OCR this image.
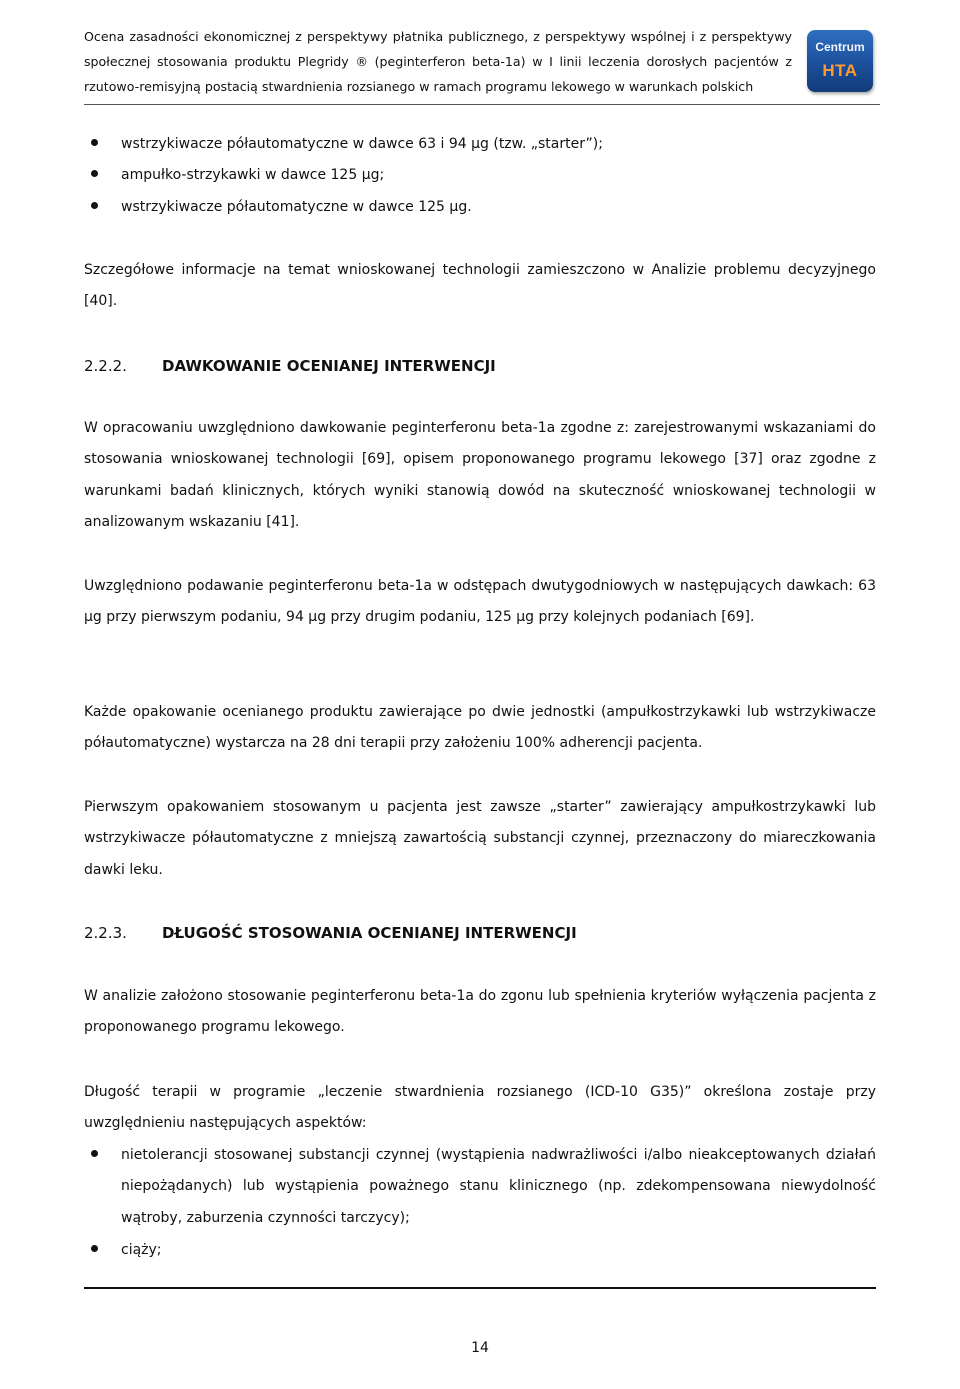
Ocena zasadności ekonomicznej z perspektywy płatnika publicznego, z perspektywy wspólnej i z perspektywy
społecznej stosowania produktu Plegridy ® (peginterferon beta-1a) w I linii leczenia dorosłych pacjentów z
rzutowo-remisyjną postacią stwardnienia rozsianego w ramach programu lekowego w warunkach polskich
Centrum
HTA
wstrzykiwacze półautomatyczne w dawce 63 i 94 μg (tzw. „starter”);
ampułko-strzykawki w dawce 125 μg;
wstrzykiwacze półautomatyczne w dawce 125 μg.
Szczegółowe informacje na temat wnioskowanej technologii zamieszczono w Analizie problemu decyzyjnego [40].
2.2.2. DAWKOWANIE OCENIANEJ INTERWENCJI
W opracowaniu uwzględniono dawkowanie peginterferonu beta-1a zgodne z: zarejestrowanymi wskazaniami do stosowania wnioskowanej technologii [69], opisem proponowanego programu lekowego [37] oraz zgodne z warunkami badań klinicznych, których wyniki stanowią dowód na skuteczność wnioskowanej technologii w analizowanym wskazaniu [41].
Uwzględniono podawanie peginterferonu beta-1a w odstępach dwutygodniowych w następujących dawkach: 63 μg przy pierwszym podaniu, 94 μg przy drugim podaniu, 125 μg przy kolejnych podaniach [69].
Każde opakowanie ocenianego produktu zawierające po dwie jednostki (ampułkostrzykawki lub wstrzykiwacze półautomatyczne) wystarcza na 28 dni terapii przy założeniu 100% adherencji pacjenta.
Pierwszym opakowaniem stosowanym u pacjenta jest zawsze „starter” zawierający ampułkostrzykawki lub wstrzykiwacze półautomatyczne z mniejszą zawartością substancji czynnej, przeznaczony do miareczkowania dawki leku.
2.2.3. DŁUGOŚĆ STOSOWANIA OCENIANEJ INTERWENCJI
W analizie założono stosowanie peginterferonu beta-1a do zgonu lub spełnienia kryteriów wyłączenia pacjenta z proponowanego programu lekowego.
Długość terapii w programie „leczenie stwardnienia rozsianego (ICD-10 G35)” określona zostaje przy uwzględnieniu następujących aspektów:
nietolerancji stosowanej substancji czynnej (wystąpienia nadwrażliwości i/albo nieakceptowanych działań niepożądanych) lub wystąpienia poważnego stanu klinicznego (np. zdekompensowana niewydolność wątroby, zaburzenia czynności tarczycy);
ciąży;
14
